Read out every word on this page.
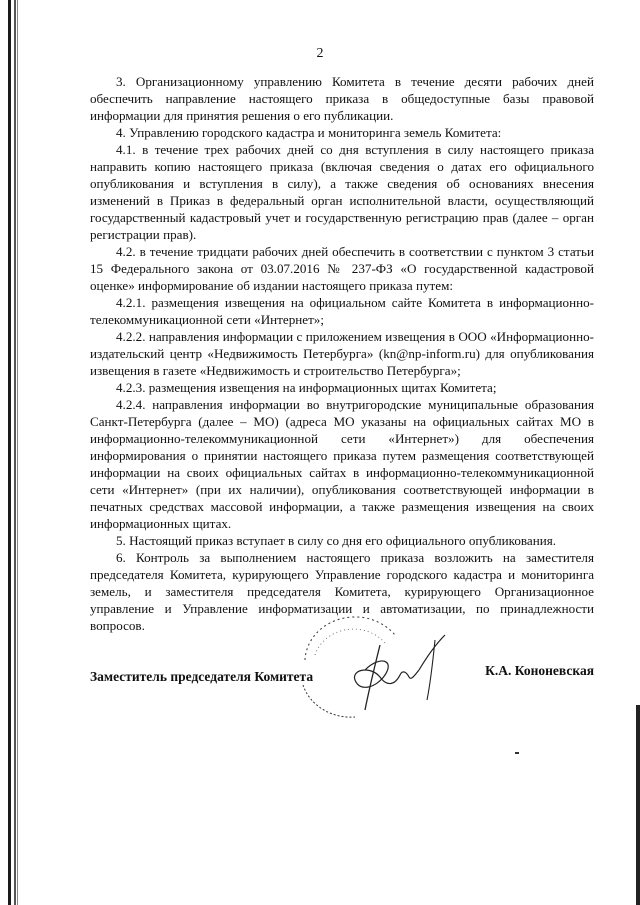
2

3. Организационному управлению Комитета в течение десяти рабочих дней обеспечить направление настоящего приказа в общедоступные базы правовой информации для принятия решения о его публикации.

4. Управлению городского кадастра и мониторинга земель Комитета:

4.1. в течение трех рабочих дней со дня вступления в силу настоящего приказа направить копию настоящего приказа (включая сведения о датах его официального опубликования и вступления в силу), а также сведения об основаниях внесения изменений в Приказ в федеральный орган исполнительной власти, осуществляющий государственный кадастровый учет и государственную регистрацию прав (далее – орган регистрации прав).

4.2. в течение тридцати рабочих дней обеспечить в соответствии с пунктом 3 статьи 15 Федерального закона от 03.07.2016 № 237-ФЗ «О государственной кадастровой оценке» информирование об издании настоящего приказа путем:

4.2.1. размещения извещения на официальном сайте Комитета в информационно-телекоммуникационной сети «Интернет»;

4.2.2. направления информации с приложением извещения в ООО «Информационно-издательский центр «Недвижимость Петербурга» (kn@np-inform.ru) для опубликования извещения в газете «Недвижимость и строительство Петербурга»;

4.2.3. размещения извещения на информационных щитах Комитета;

4.2.4. направления информации во внутригородские муниципальные образования Санкт-Петербурга (далее – МО) (адреса МО указаны на официальных сайтах МО в информационно-телекоммуникационной сети «Интернет») для обеспечения информирования о принятии настоящего приказа путем размещения соответствующей информации на своих официальных сайтах в информационно-телекоммуникационной сети «Интернет» (при их наличии), опубликования соответствующей информации в печатных средствах массовой информации, а также размещения извещения на своих информационных щитах.

5. Настоящий приказ вступает в силу со дня его официального опубликования.

6. Контроль за выполнением настоящего приказа возложить на заместителя председателя Комитета, курирующего Управление городского кадастра и мониторинга земель, и заместителя председателя Комитета, курирующего Организационное управление и Управление информатизации и автоматизации, по принадлежности вопросов.

Заместитель председателя Комитета	К.А. Кононевская
